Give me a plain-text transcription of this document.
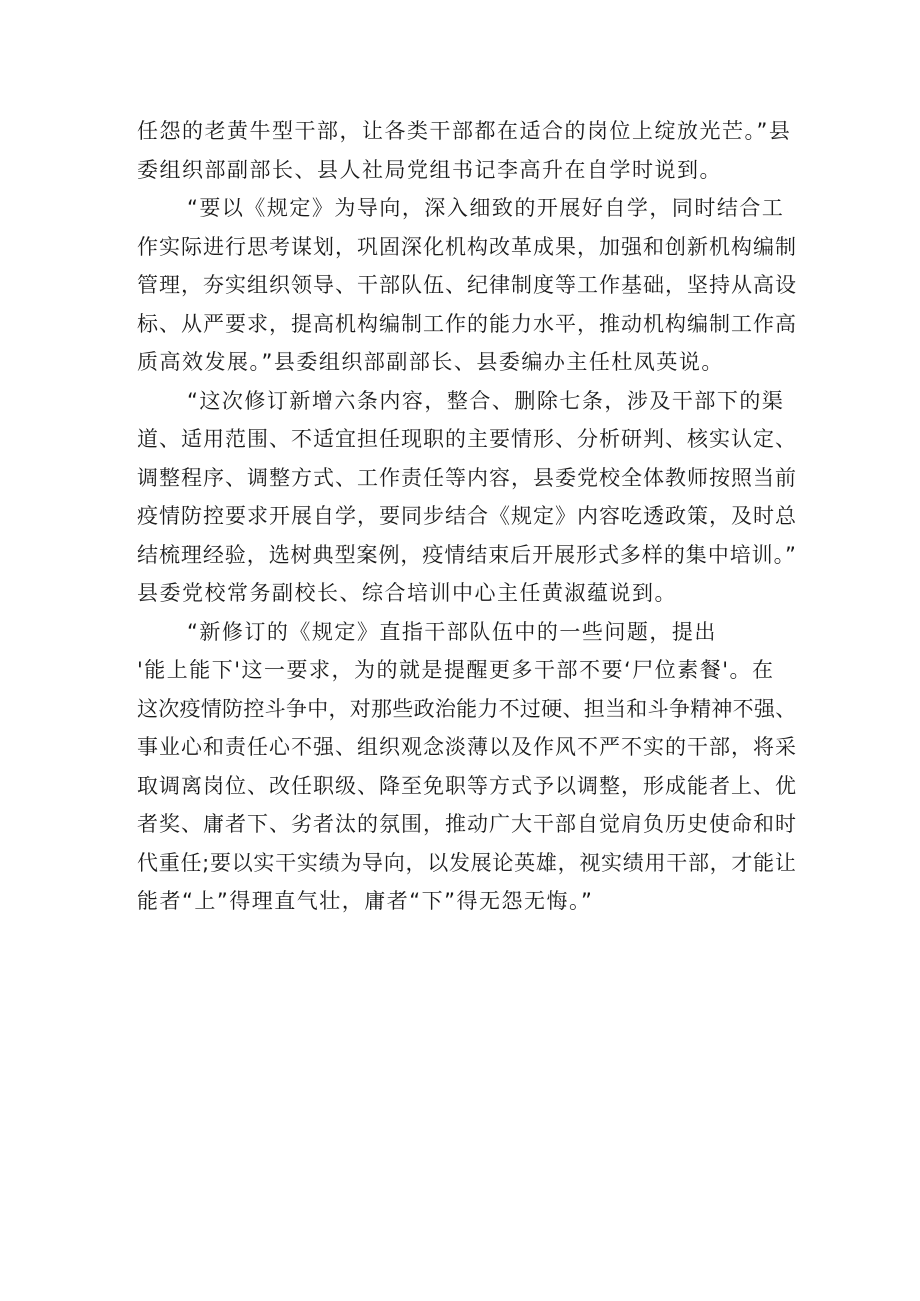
任怨的老黄牛型干部，让各类干部都在适合的岗位上绽放光芒。”县
委组织部副部长、县人社局党组书记李高升在自学时说到。
“要以《规定》为导向，深入细致的开展好自学，同时结合工
作实际进行思考谋划，巩固深化机构改革成果，加强和创新机构编制
管理，夯实组织领导、干部队伍、纪律制度等工作基础，坚持从高设
标、从严要求，提高机构编制工作的能力水平，推动机构编制工作高
质高效发展。”县委组织部副部长、县委编办主任杜凤英说。
“这次修订新增六条内容，整合、删除七条，涉及干部下的渠
道、适用范围、不适宜担任现职的主要情形、分析研判、核实认定、
调整程序、调整方式、工作责任等内容，县委党校全体教师按照当前
疫情防控要求开展自学，要同步结合《规定》内容吃透政策，及时总
结梳理经验，选树典型案例，疫情结束后开展形式多样的集中培训。”
县委党校常务副校长、综合培训中心主任黄淑蕴说到。
“新修订的《规定》直指干部队伍中的一些问题，提出
'能上能下'这一要求，为的就是提醒更多干部不要‘尸位素餐'。在
这次疫情防控斗争中，对那些政治能力不过硬、担当和斗争精神不强、
事业心和责任心不强、组织观念淡薄以及作风不严不实的干部，将采
取调离岗位、改任职级、降至免职等方式予以调整，形成能者上、优
者奖、庸者下、劣者汰的氛围，推动广大干部自觉肩负历史使命和时
代重任;要以实干实绩为导向，以发展论英雄，视实绩用干部，才能让
能者“上”得理直气壮，庸者“下”得无怨无悔。”
